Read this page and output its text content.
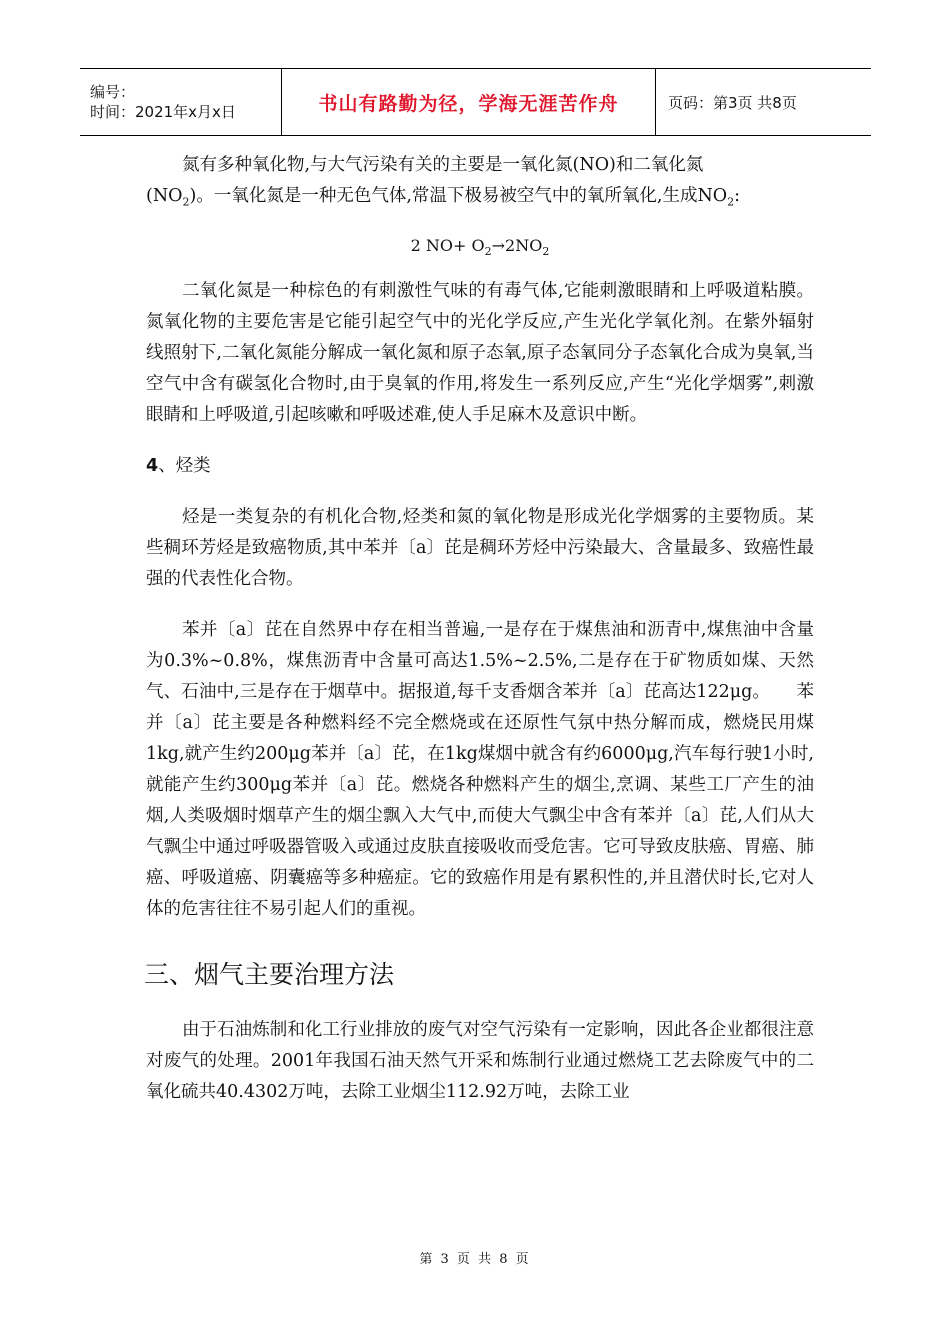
编号：
时间：2021年x月x日	书山有路勤为径，学海无涯苦作舟	页码：第3页 共8页

氮有多种氧化物,与大气污染有关的主要是一氧化氮(NO)和二氧化氮

$(NO_2)$。一氧化氮是一种无色气体,常温下极易被空气中的氧所氧化,生成$NO_2$:

2 $NO+ O_2\to 2NO_2$

二氧化氮是一种棕色的有刺激性气味的有毒气体,它能刺激眼睛和上呼吸道粘膜。氮氧化物的主要危害是它能引起空气中的光化学反应,产生光化学氧化剂。在紫外辐射线照射下,二氧化氮能分解成一氧化氮和原子态氧,原子态氧同分子态氧化合成为臭氧,当空气中含有碳氢化合物时,由于臭氧的作用,将发生一系列反应,产生“光化学烟雾”,刺激眼睛和上呼吸道,引起咳嗽和呼吸述难,使人手足麻木及意识中断。

4、烃类

烃是一类复杂的有机化合物,烃类和氮的氧化物是形成光化学烟雾的主要物质。某些稠环芳烃是致癌物质,其中苯并〔a〕芘是稠环芳烃中污染最大、含量最多、致癌性最强的代表性化合物。

苯并〔a〕芘在自然界中存在相当普遍,一是存在于煤焦油和沥青中,煤焦油中含量为0.3%~0.8%，煤焦沥青中含量可高达1.5%~2.5%,二是存在于矿物质如煤、天然气、石油中,三是存在于烟草中。据报道,每千支香烟含苯并〔a〕芘高达122μg。　　苯并〔a〕芘主要是各种燃料经不完全燃烧或在还原性气氛中热分解而成，燃烧民用煤1kg,就产生约200μg苯并〔a〕芘，在1kg煤烟中就含有约6000μg,汽车每行驶1小时,就能产生约300μg苯并〔a〕芘。燃烧各种燃料产生的烟尘,烹调、某些工厂产生的油烟,人类吸烟时烟草产生的烟尘飘入大气中,而使大气飘尘中含有苯并〔a〕芘,人们从大气飘尘中通过呼吸器管吸入或通过皮肤直接吸收而受危害。它可导致皮肤癌、胃癌、肺癌、呼吸道癌、阴囊癌等多种癌症。它的致癌作用是有累积性的,并且潜伏时长,它对人体的危害往往不易引起人们的重视。

三、烟气主要治理方法

由于石油炼制和化工行业排放的废气对空气污染有一定影响，因此各企业都很注意对废气的处理。2001年我国石油天然气开采和炼制行业通过燃烧工艺去除废气中的二氧化硫共40.4302万吨，去除工业烟尘112.92万吨，去除工业

第 3 页 共 8 页
